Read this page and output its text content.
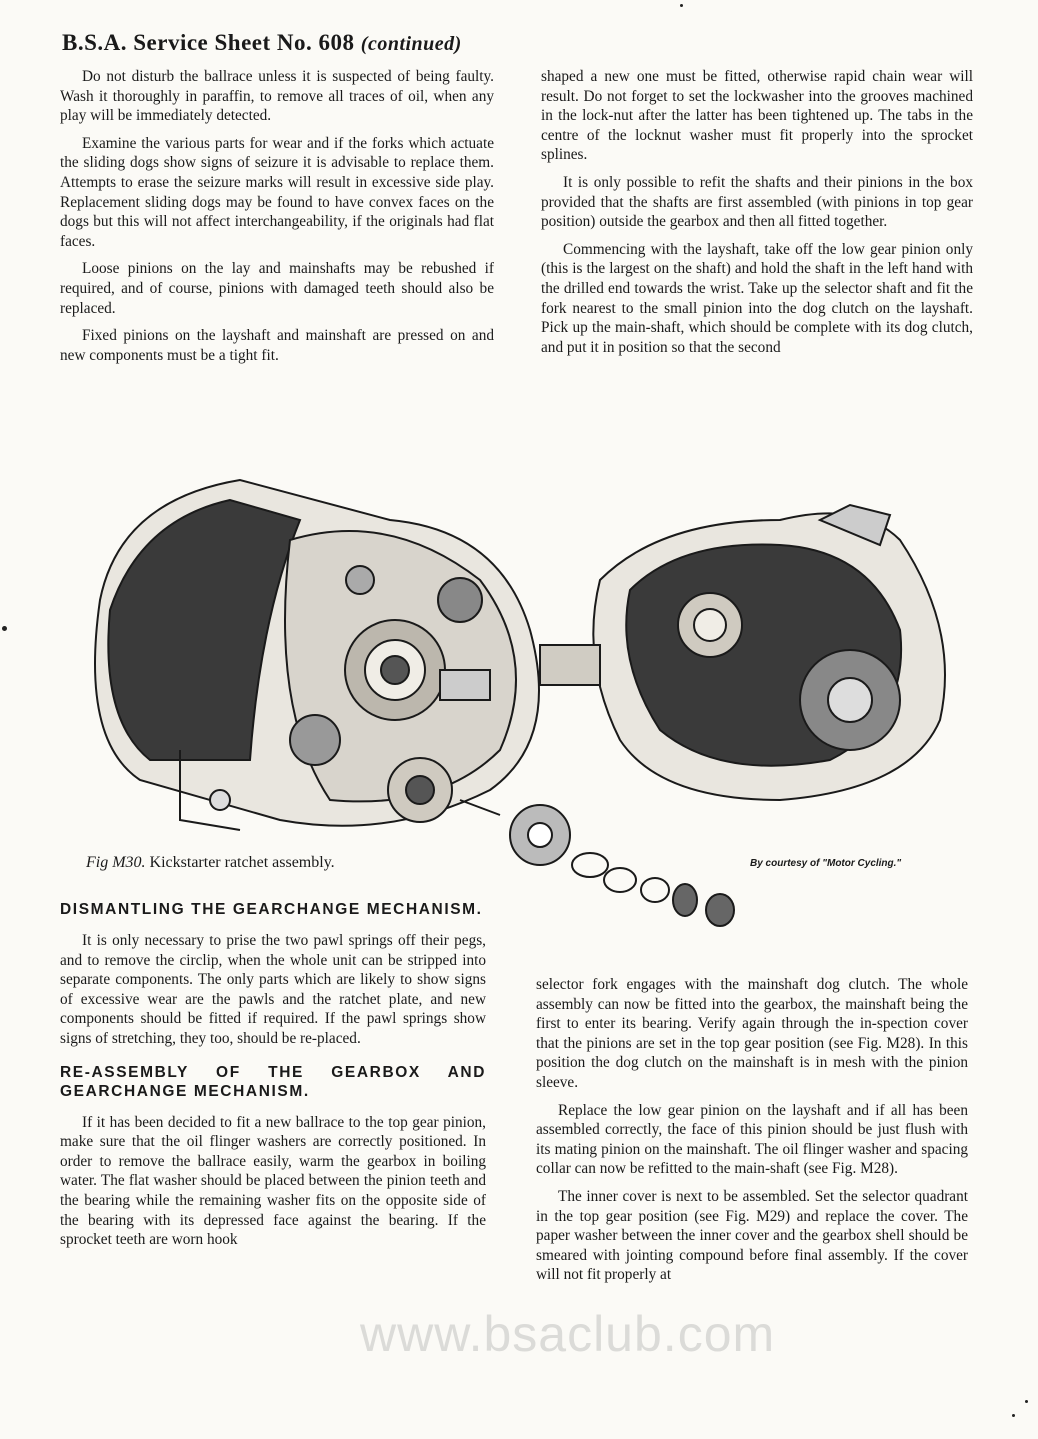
B.S.A. Service Sheet No. 608 (continued)

Do not disturb the ballrace unless it is suspected of being faulty. Wash it thoroughly in paraffin, to remove all traces of oil, when any play will be immediately detected.

Examine the various parts for wear and if the forks which actuate the sliding dogs show signs of seizure it is advisable to replace them. Attempts to erase the seizure marks will result in excessive side play. Replacement sliding dogs may be found to have convex faces on the dogs but this will not affect interchangeability, if the originals had flat faces.

Loose pinions on the lay and mainshafts may be rebushed if required, and of course, pinions with damaged teeth should also be replaced.

Fixed pinions on the layshaft and mainshaft are pressed on and new components must be a tight fit.

shaped a new one must be fitted, otherwise rapid chain wear will result. Do not forget to set the lockwasher into the grooves machined in the lock-nut after the latter has been tightened up. The tabs in the centre of the locknut washer must fit properly into the sprocket splines.

It is only possible to refit the shafts and their pinions in the box provided that the shafts are first assembled (with pinions in top gear position) outside the gearbox and then all fitted together.

Commencing with the layshaft, take off the low gear pinion only (this is the largest on the shaft) and hold the shaft in the left hand with the drilled end towards the wrist. Take up the selector shaft and fit the fork nearest to the small pinion into the dog clutch on the layshaft. Pick up the main-shaft, which should be complete with its dog clutch, and put it in position so that the second

Fig M30. Kickstarter ratchet assembly.	By courtesy of "Motor Cycling."
DISMANTLING THE GEARCHANGE MECHANISM.

It is only necessary to prise the two pawl springs off their pegs, and to remove the circlip, when the whole unit can be stripped into separate components. The only parts which are likely to show signs of excessive wear are the pawls and the ratchet plate, and new components should be fitted if required. If the pawl springs show signs of stretching, they too, should be re-placed.

RE-ASSEMBLY OF THE GEARBOX AND GEARCHANGE MECHANISM.

If it has been decided to fit a new ballrace to the top gear pinion, make sure that the oil flinger washers are correctly positioned. In order to remove the ballrace easily, warm the gearbox in boiling water. The flat washer should be placed between the pinion teeth and the bearing while the remaining washer fits on the opposite side of the bearing with its depressed face against the bearing. If the sprocket teeth are worn hook

selector fork engages with the mainshaft dog clutch. The whole assembly can now be fitted into the gearbox, the mainshaft being the first to enter its bearing. Verify again through the in-spection cover that the pinions are set in the top gear position (see Fig. M28). In this position the dog clutch on the mainshaft is in mesh with the pinion sleeve.

Replace the low gear pinion on the layshaft and if all has been assembled correctly, the face of this pinion should be just flush with its mating pinion on the mainshaft. The oil flinger washer and spacing collar can now be refitted to the main-shaft (see Fig. M28).

The inner cover is next to be assembled. Set the selector quadrant in the top gear position (see Fig. M29) and replace the cover. The paper washer between the inner cover and the gearbox shell should be smeared with jointing compound before final assembly. If the cover will not fit properly at

www.bsaclub.com
